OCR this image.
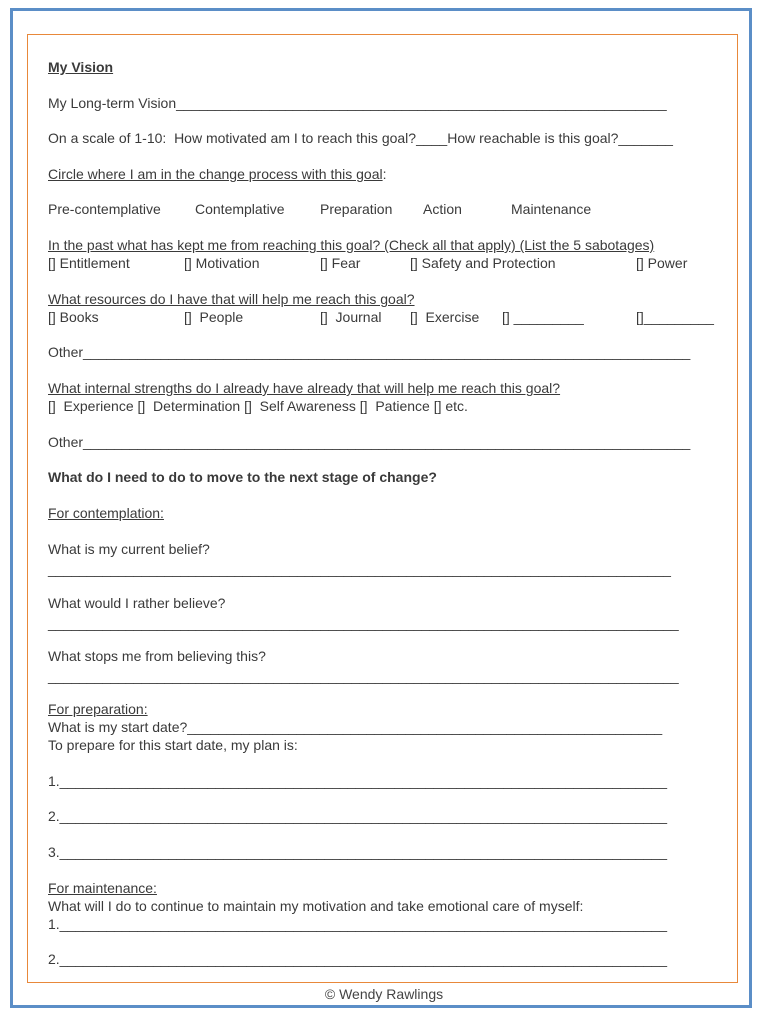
My Vision
My Long-term Vision_______________________________________________________________
On a scale of 1-10:  How motivated am I to reach this goal?____How reachable is this goal?_______
Circle where I am in the change process with this goal:
Pre-contemplative Contemplative	Preparation Action	Maintenance
In the past what has kept me from reaching this goal? (Check all that apply) (List the 5 sabotages)
[] Entitlement	[] Motivation	[] Fear	[] Safety and Protection	[] Power
What resources do I have that will help me reach this goal?
[] Books	[]  People	[]  Journal []  Exercise [] _________	[]_________
Other______________________________________________________________________________
What internal strengths do I already have already that will help me reach this goal?
[]  Experience []  Determination []  Self Awareness []  Patience [] etc.
Other______________________________________________________________________________
What do I need to do to move to the next stage of change?
For contemplation:
What is my current belief?
________________________________________________________________________________
What would I rather believe?
_________________________________________________________________________________
What stops me from believing this?
_________________________________________________________________________________
For preparation:
What is my start date?_____________________________________________________________
To prepare for this start date, my plan is:
1.______________________________________________________________________________
2.______________________________________________________________________________
3.______________________________________________________________________________
For maintenance:
What will I do to continue to maintain my motivation and take emotional care of myself:
1.______________________________________________________________________________
2.______________________________________________________________________________
© Wendy Rawlings
